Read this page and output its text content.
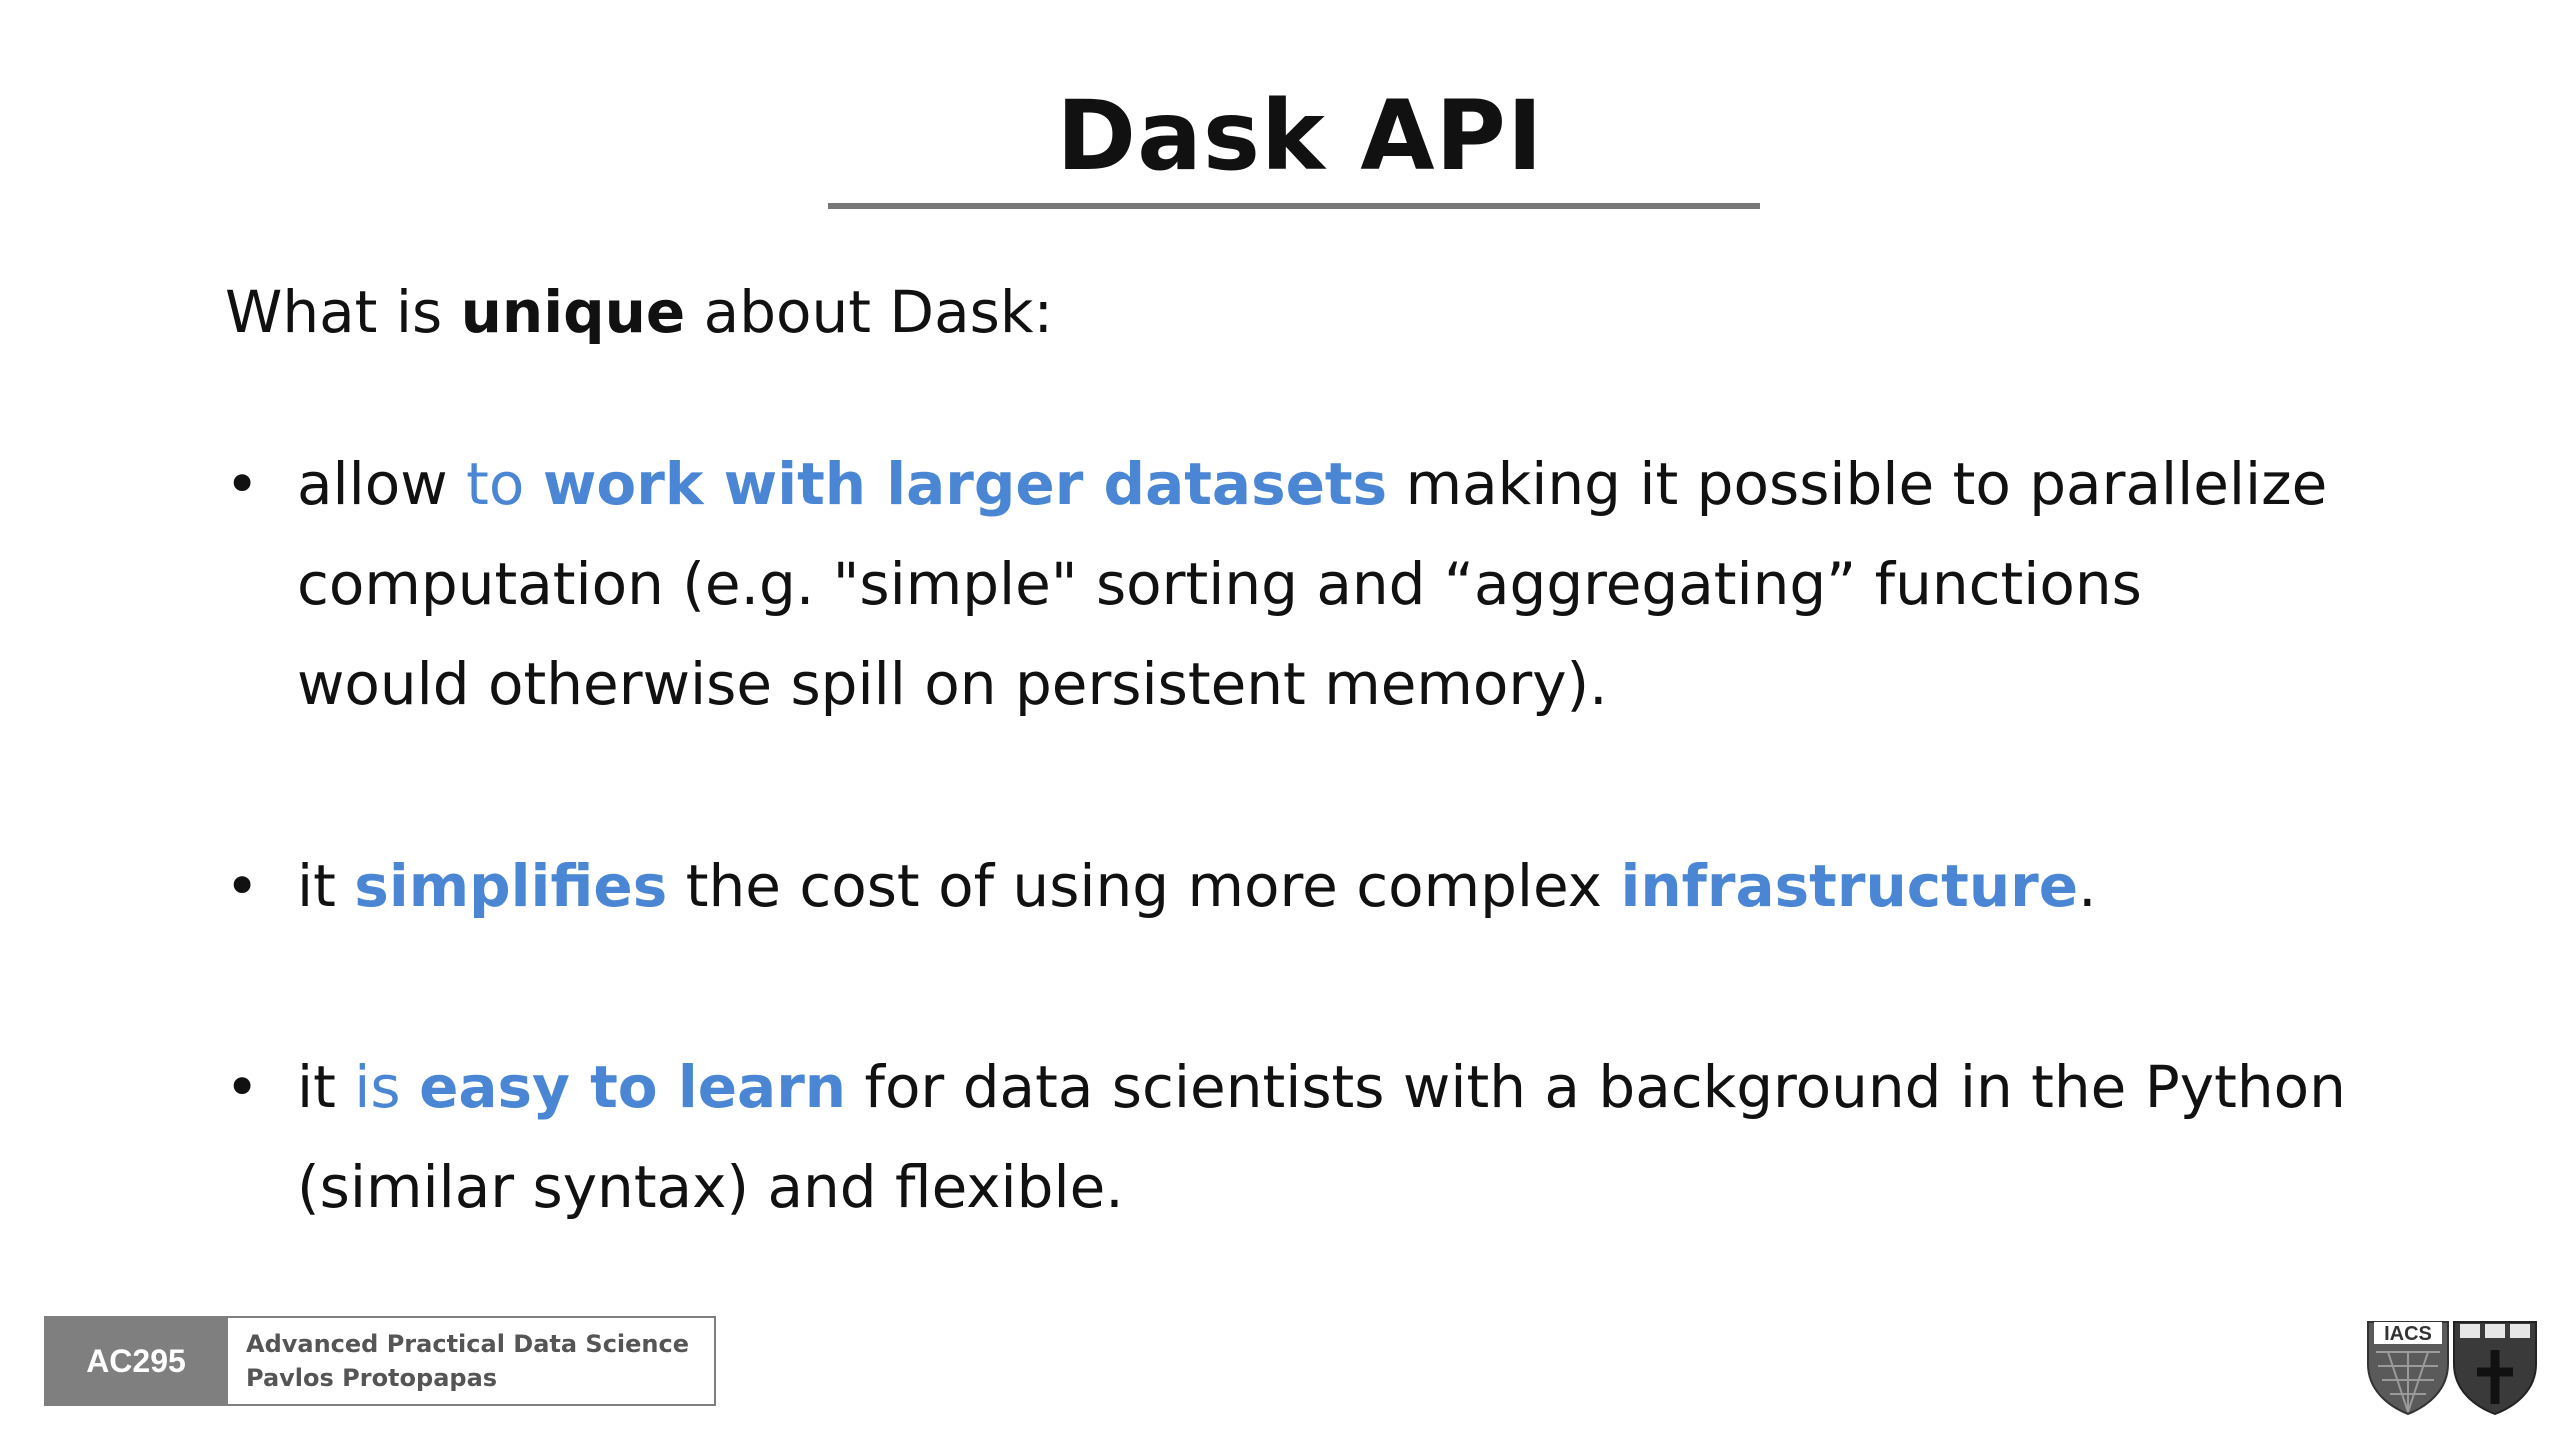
Dask API
What is unique about Dask:
• allow to work with larger datasets making it possible to parallelize
computation (e.g. "simple" sorting and “aggregating” functions
would otherwise spill on persistent memory).
• it simplifies the cost of using more complex infrastructure.
• it is easy to learn for data scientists with a background in the Python
(similar syntax) and flexible.
AC295	Advanced Practical Data Science
Pavlos Protopapas
IACS
